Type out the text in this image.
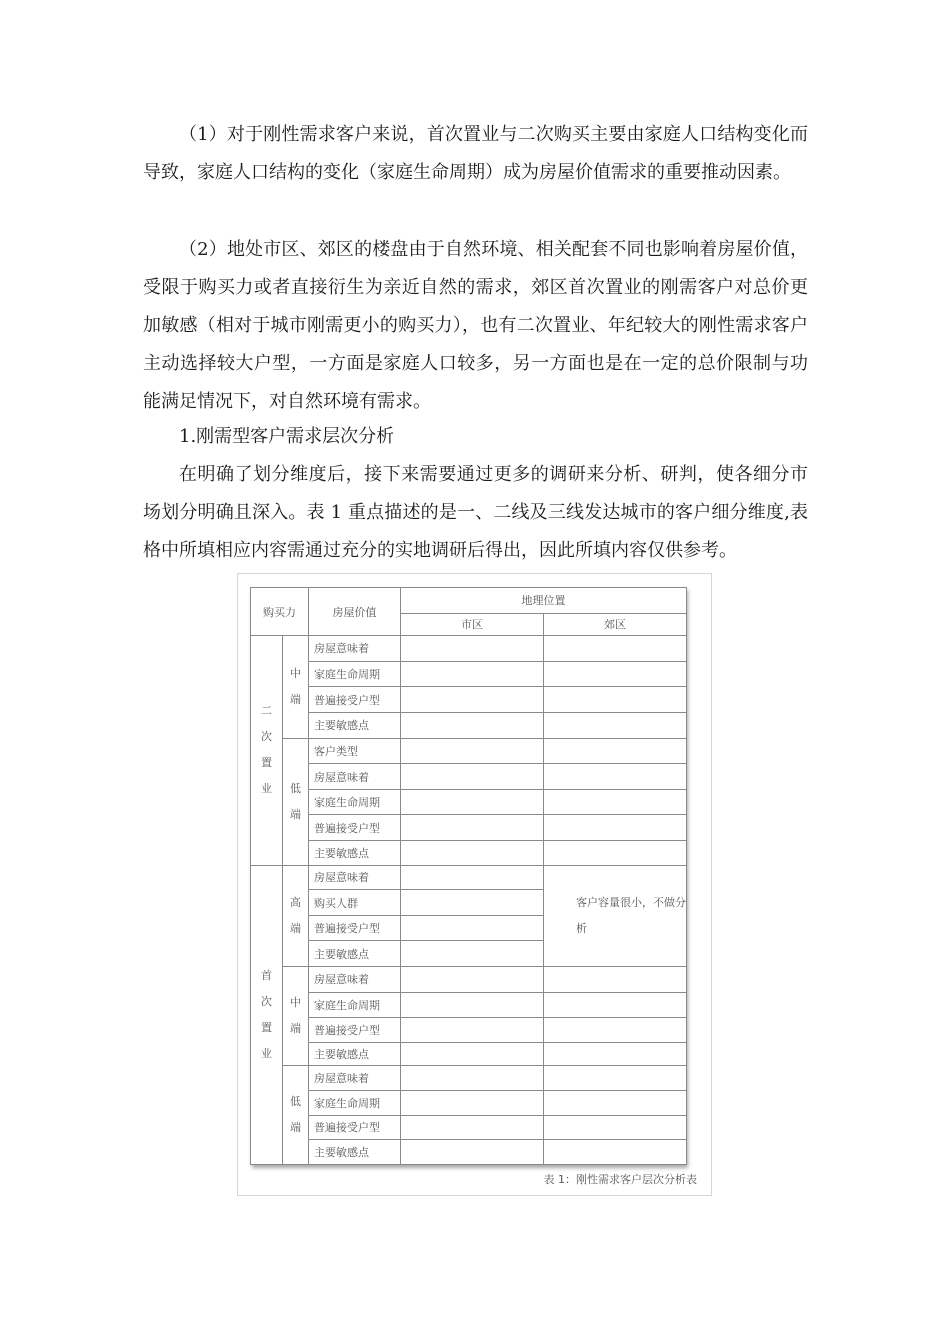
（1）对于刚性需求客户来说，首次置业与二次购买主要由家庭人口结构变化而导致，家庭人口结构的变化（家庭生命周期）成为房屋价值需求的重要推动因素。
（2）地处市区、郊区的楼盘由于自然环境、相关配套不同也影响着房屋价值，受限于购买力或者直接衍生为亲近自然的需求，郊区首次置业的刚需客户对总价更加敏感（相对于城市刚需更小的购买力），也有二次置业、年纪较大的刚性需求客户主动选择较大户型，一方面是家庭人口较多，另一方面也是在一定的总价限制与功能满足情况下，对自然环境有需求。
1.刚需型客户需求层次分析
在明确了划分维度后，接下来需要通过更多的调研来分析、研判，使各细分市场划分明确且深入。表 1 重点描述的是一、二线及三线发达城市的客户细分维度,表格中所填相应内容需通过充分的实地调研后得出，因此所填内容仅供参考。
购买力		房屋价值	地理位置	
			市区	郊区
二次置业	中端	房屋意味着		
		家庭生命周期		
		普遍接受户型		
		主要敏感点		
	低端	客户类型		
		房屋意味着		
		家庭生命周期		
		普遍接受户型		
		主要敏感点		
首次置业	高端	房屋意味着		客户容量很小，不做分析
		购买人群		
		普遍接受户型		
		主要敏感点		
	中端	房屋意味着		
		家庭生命周期		
		普遍接受户型		
		主要敏感点		
	低端	房屋意味着		
		家庭生命周期		
		普遍接受户型		
		主要敏感点		
表 1：刚性需求客户层次分析表
